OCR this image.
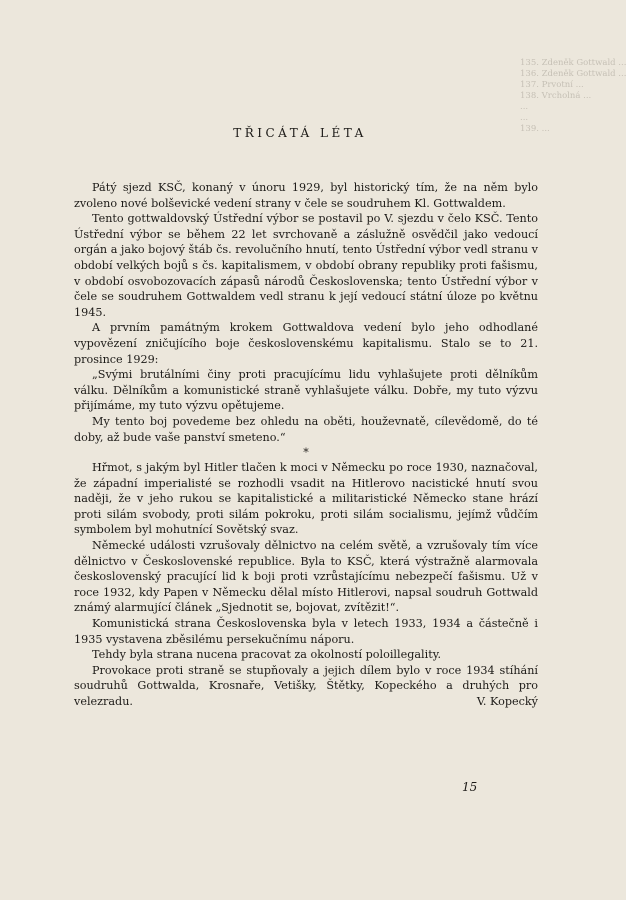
135. Zdeněk Gottwald ...
136. Zdeněk Gottwald ...
137. Prvotní ...
138. Vrcholná ...
...
...
139. ...
TŘICÁTÁ LÉTA

Pátý sjezd KSČ, konaný v únoru 1929, byl historický tím, že na něm bylo zvoleno nové bolševické vedení strany v čele se soudruhem Kl. Gottwaldem.

Tento gottwaldovský Ústřední výbor se postavil po V. sjezdu v čelo KSČ. Tento Ústřední výbor se během 22 let svrchovaně a záslužně osvědčil jako vedoucí orgán a jako bojový štáb čs. revolučního hnutí, tento Ústřední výbor vedl stranu v období velkých bojů s čs. kapitalismem, v období obrany republiky proti fašismu, v období osvobozovacích zápasů národů Československa; tento Ústřední výbor v čele se soudruhem Gottwaldem vedl stranu k její vedoucí státní úloze po květnu 1945.

A prvním památným krokem Gottwaldova vedení bylo jeho odhodlané vypovězení zničujícího boje československému kapitalismu. Stalo se to 21. prosince 1929:

„Svými brutálními činy proti pracujícímu lidu vyhlašujete proti dělníkům válku. Dělníkům a komunistické straně vyhlašujete válku. Dobře, my tuto výzvu přijímáme, my tuto výzvu opětujeme.

My tento boj povedeme bez ohledu na oběti, houževnatě, cílevědomě, do té doby, až bude vaše panství smeteno.“

*

Hřmot, s jakým byl Hitler tlačen k moci v Německu po roce 1930, naznačoval, že západní imperialisté se rozhodli vsadit na Hitlerovo nacistické hnutí svou naději, že v jeho rukou se kapitalistické a militaristické Německo stane hrází proti silám svobody, proti silám pokroku, proti silám socialismu, jejímž vůdčím symbolem byl mohutnící Sovětský svaz.

Německé události vzrušovaly dělnictvo na celém světě, a vzrušovaly tím více dělnictvo v Československé republice. Byla to KSČ, která výstražně alarmovala československý pracující lid k boji proti vzrůstajícímu nebezpečí fašismu. Už v roce 1932, kdy Papen v Německu dělal místo Hitlerovi, napsal soudruh Gottwald známý alarmující článek „Sjednotit se, bojovat, zvítězit!“.

Komunistická strana Československa byla v letech 1933, 1934 a částečně i 1935 vystavena zběsilému persekučnímu náporu.

Tehdy byla strana nucena pracovat za okolností poloillegality.

Provokace proti straně se stupňovaly a jejich dílem bylo v roce 1934 stíhání soudruhů Gottwalda, Krosnaře, Vetišky, Štětky, Kopeckého a druhých pro velezradu.	V. Kopecký

15
